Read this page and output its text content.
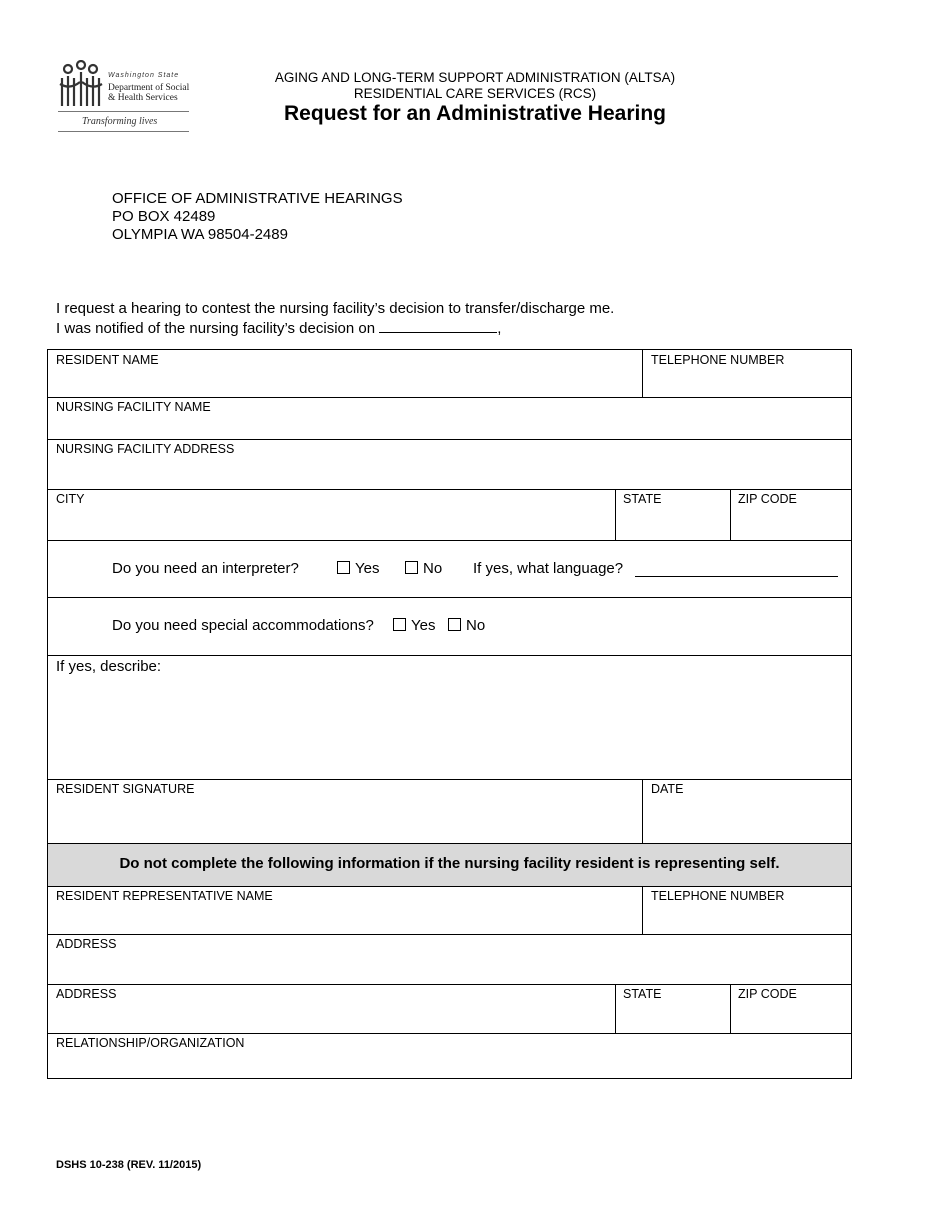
Washington State
Department of Social
& Health Services
Transforming lives
AGING AND LONG-TERM SUPPORT ADMINISTRATION (ALTSA)
RESIDENTIAL CARE SERVICES (RCS)
Request for an Administrative Hearing
OFFICE OF ADMINISTRATIVE HEARINGS
PO BOX 42489
OLYMPIA WA 98504-2489
I request a hearing to contest the nursing facility’s decision to transfer/discharge me.
I was notified of the nursing facility’s decision on	,
RESIDENT NAME	TELEPHONE NUMBER
NURSING FACILITY NAME
NURSING FACILITY ADDRESS
CITY	STATE	ZIP CODE
Do you need an interpreter?	Yes	No If yes, what language?
Do you need special accommodations?	Yes	No
If yes, describe:
RESIDENT SIGNATURE	DATE
Do not complete the following information if the nursing facility resident is representing self.
RESIDENT REPRESENTATIVE NAME	TELEPHONE NUMBER
ADDRESS
ADDRESS	STATE	ZIP CODE
RELATIONSHIP/ORGANIZATION
DSHS 10-238 (REV. 11/2015)
